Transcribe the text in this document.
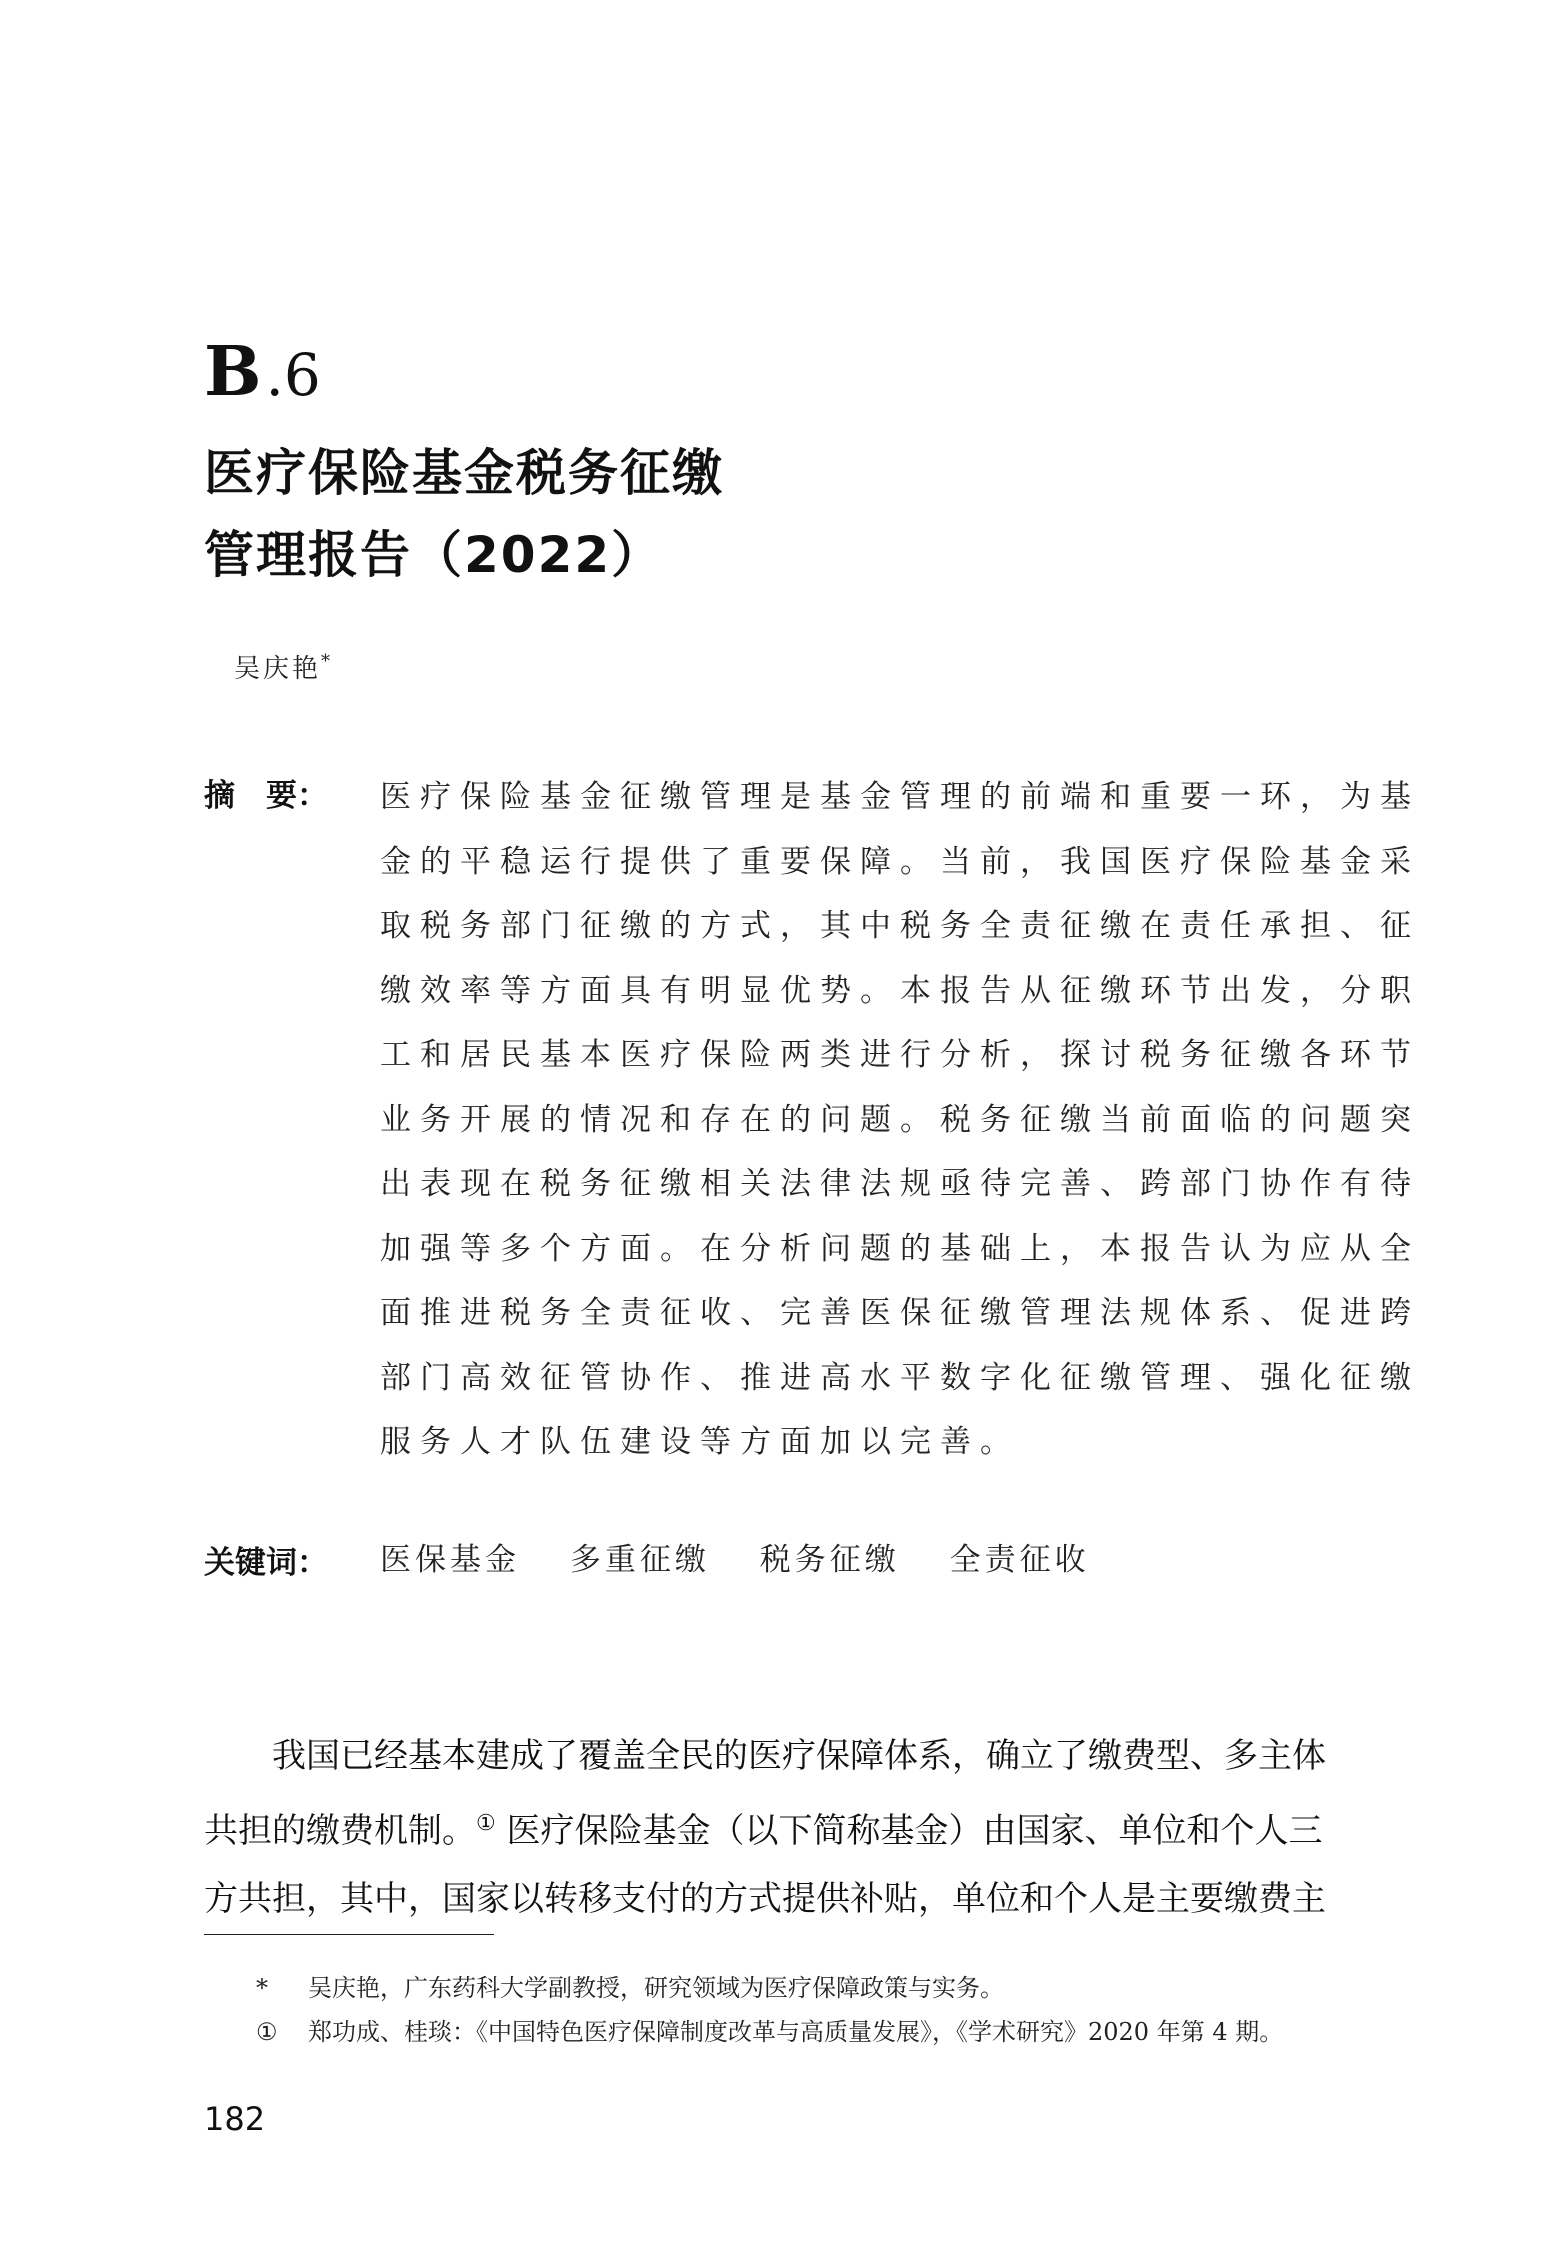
B.6
医疗保险基金税务征缴
管理报告（2022）
吴庆艳*
摘　要： 医疗保险基金征缴管理是基金管理的前端和重要一环，为基
金的平稳运行提供了重要保障。当前，我国医疗保险基金采
取税务部门征缴的方式，其中税务全责征缴在责任承担、征
缴效率等方面具有明显优势。本报告从征缴环节出发，分职
工和居民基本医疗保险两类进行分析，探讨税务征缴各环节
业务开展的情况和存在的问题。税务征缴当前面临的问题突
出表现在税务征缴相关法律法规亟待完善、跨部门协作有待
加强等多个方面。在分析问题的基础上，本报告认为应从全
面推进税务全责征收、完善医保征缴管理法规体系、促进跨
部门高效征管协作、推进高水平数字化征缴管理、强化征缴
服务人才队伍建设等方面加以完善。
关键词： 医保基金 多重征缴 税务征缴 全责征收
　　我国已经基本建成了覆盖全民的医疗保障体系，确立了缴费型、多主体
共担的缴费机制。① 医疗保险基金（以下简称基金）由国家、单位和个人三
方共担，其中，国家以转移支付的方式提供补贴，单位和个人是主要缴费主
* 吴庆艳，广东药科大学副教授，研究领域为医疗保障政策与实务。
① 郑功成、桂琰：《中国特色医疗保障制度改革与高质量发展》，《学术研究》2020 年第 4 期。
182
